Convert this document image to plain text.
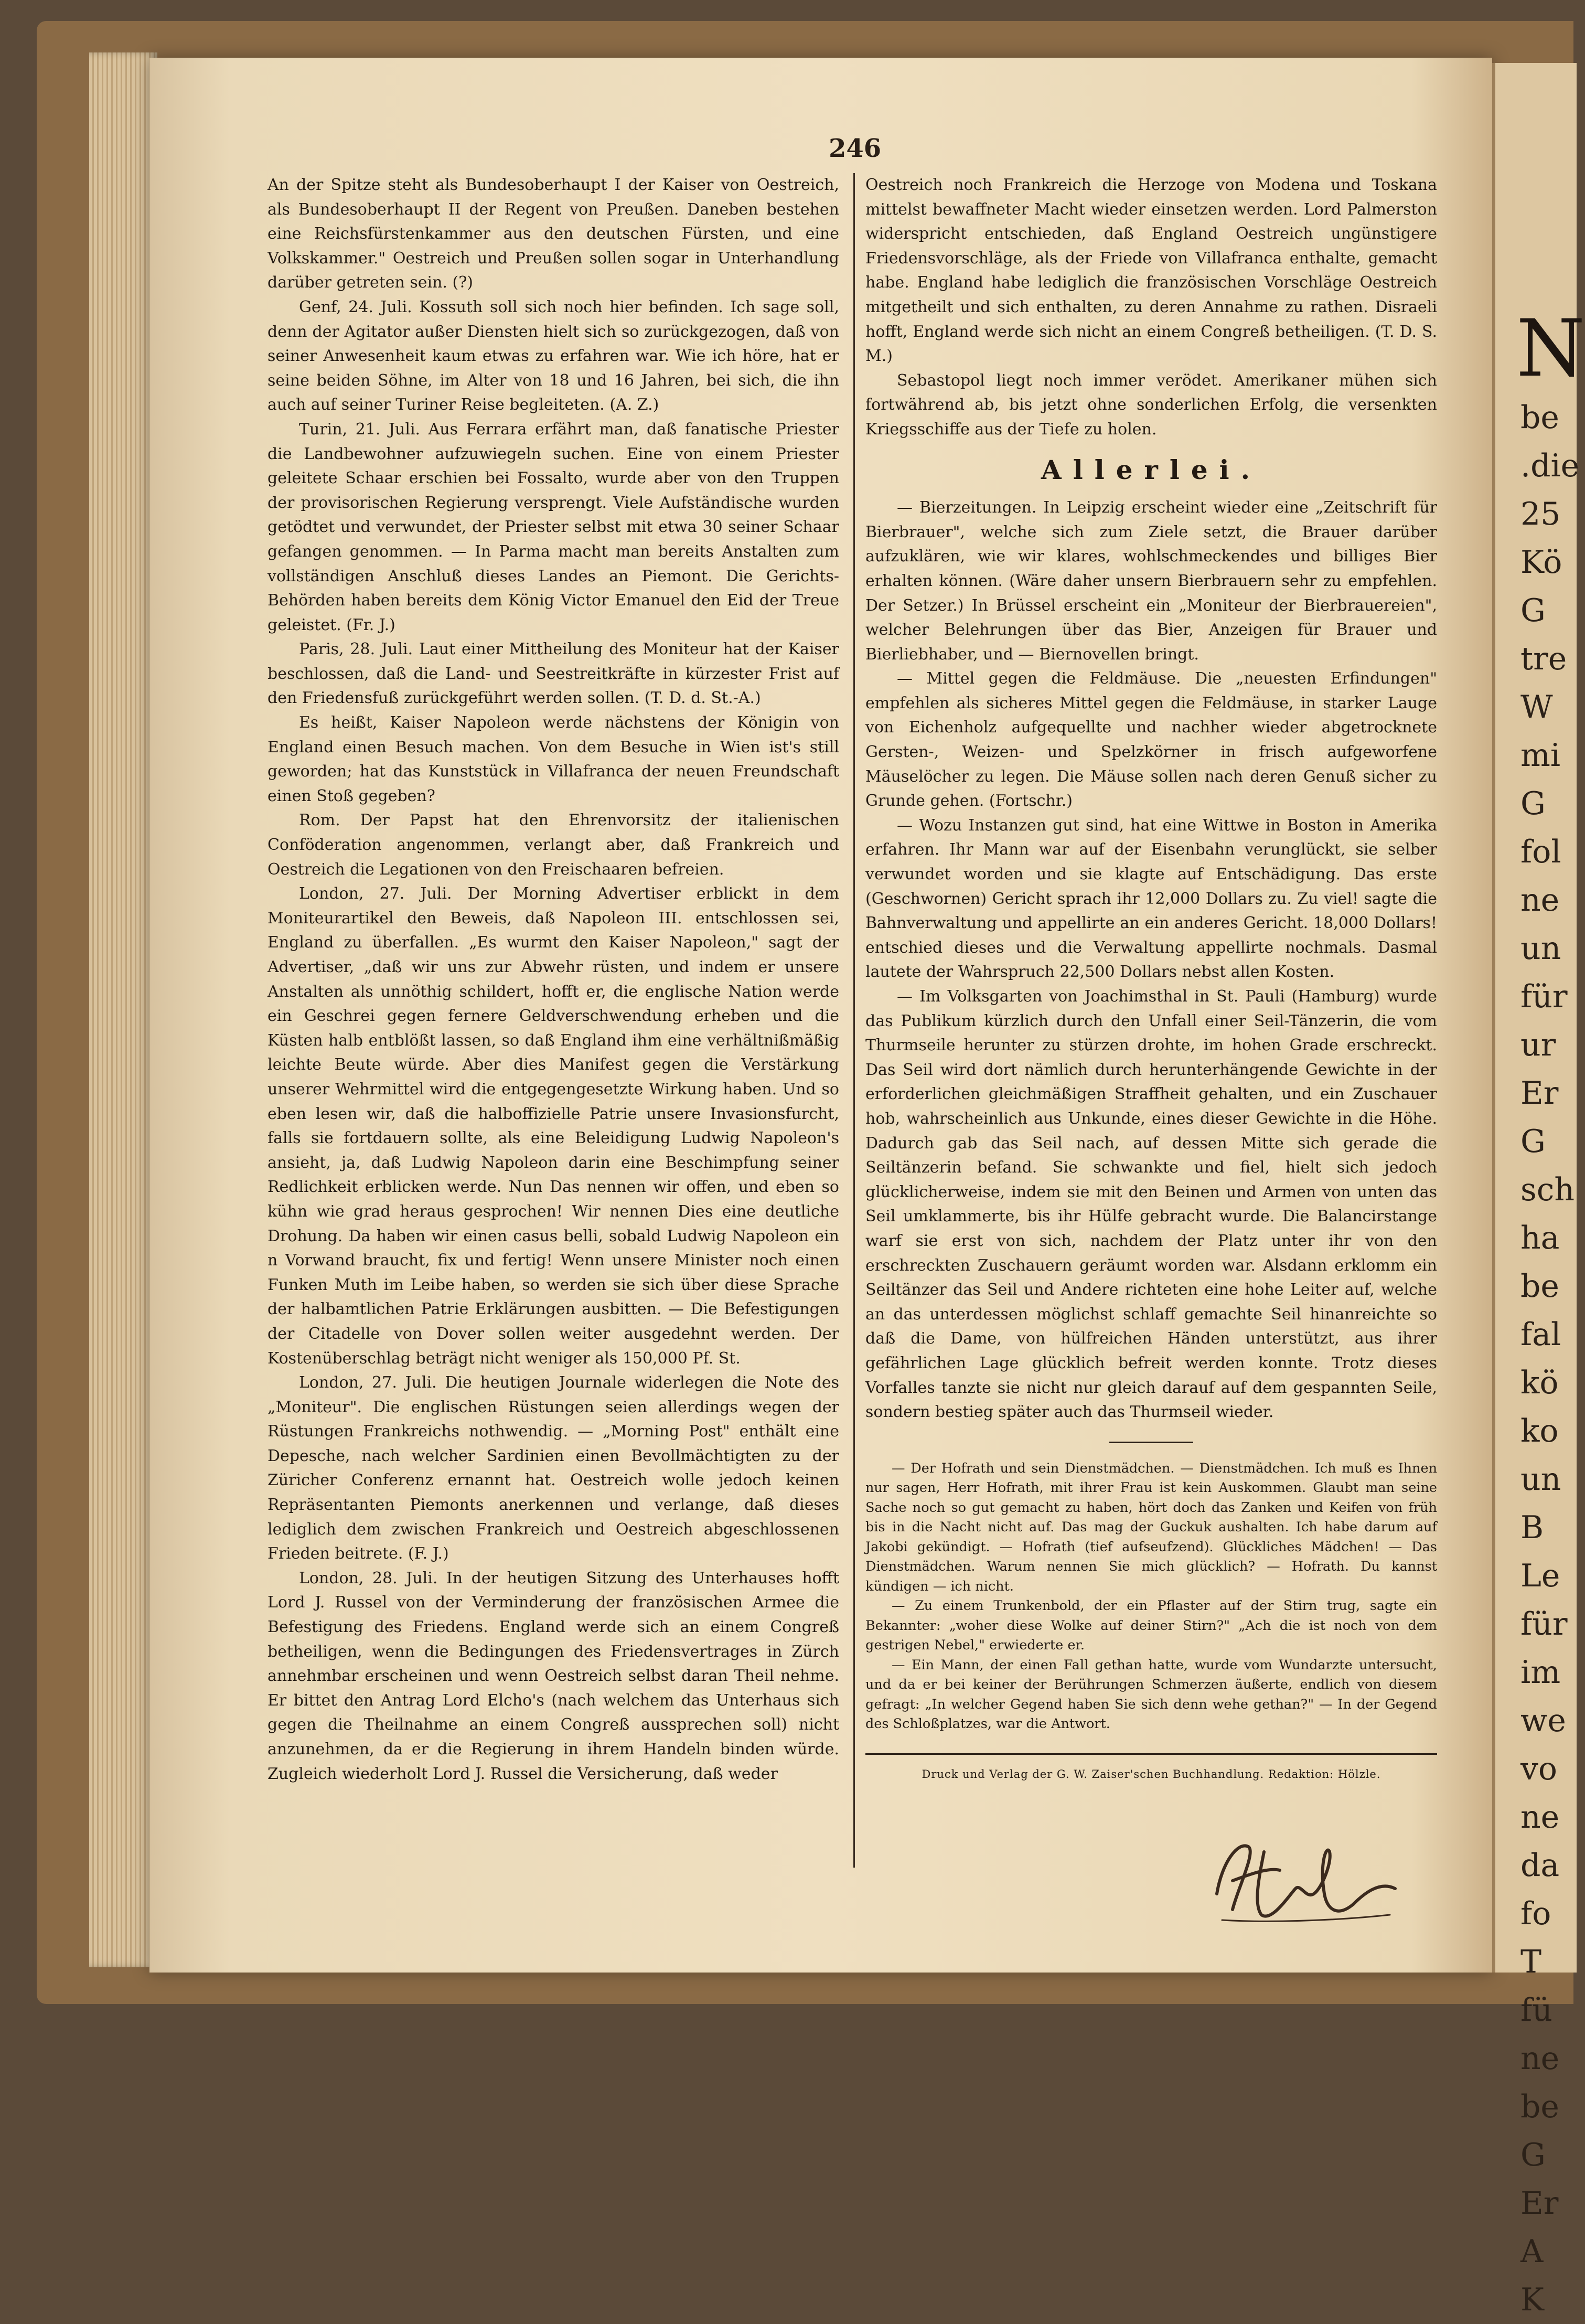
246

An der Spitze steht als Bundesoberhaupt I der Kaiser von Oestreich, als Bundesoberhaupt II der Regent von Preußen. Daneben bestehen eine Reichsfürstenkammer aus den deutschen Fürsten, und eine Volkskammer." Oestreich und Preußen sollen sogar in Unterhandlung darüber getreten sein. (?)

Genf, 24. Juli. Kossuth soll sich noch hier befinden. Ich sage soll, denn der Agitator außer Diensten hielt sich so zurückgezogen, daß von seiner Anwesenheit kaum etwas zu erfahren war. Wie ich höre, hat er seine beiden Söhne, im Alter von 18 und 16 Jahren, bei sich, die ihn auch auf seiner Turiner Reise begleiteten. (A. Z.)

Turin, 21. Juli. Aus Ferrara erfährt man, daß fanatische Priester die Landbewohner aufzuwiegeln suchen. Eine von einem Priester geleitete Schaar erschien bei Fossalto, wurde aber von den Truppen der provisorischen Regierung versprengt. Viele Aufständische wurden getödtet und verwundet, der Priester selbst mit etwa 30 seiner Schaar gefangen genommen. — In Parma macht man bereits Anstalten zum vollständigen Anschluß dieses Landes an Piemont. Die Gerichts-Behörden haben bereits dem König Victor Emanuel den Eid der Treue geleistet. (Fr. J.)

Paris, 28. Juli. Laut einer Mittheilung des Moniteur hat der Kaiser beschlossen, daß die Land- und Seestreitkräfte in kürzester Frist auf den Friedensfuß zurückgeführt werden sollen. (T. D. d. St.-A.)

Es heißt, Kaiser Napoleon werde nächstens der Königin von England einen Besuch machen. Von dem Besuche in Wien ist's still geworden; hat das Kunststück in Villafranca der neuen Freundschaft einen Stoß gegeben?

Rom. Der Papst hat den Ehrenvorsitz der italienischen Conföderation angenommen, verlangt aber, daß Frankreich und Oestreich die Legationen von den Freischaaren befreien.

London, 27. Juli. Der Morning Advertiser erblickt in dem Moniteurartikel den Beweis, daß Napoleon III. entschlossen sei, England zu überfallen. „Es wurmt den Kaiser Napoleon," sagt der Advertiser, „daß wir uns zur Abwehr rüsten, und indem er unsere Anstalten als unnöthig schildert, hofft er, die englische Nation werde ein Geschrei gegen fernere Geldverschwendung erheben und die Küsten halb entblößt lassen, so daß England ihm eine verhältnißmäßig leichte Beute würde. Aber dies Manifest gegen die Verstärkung unserer Wehrmittel wird die entgegengesetzte Wirkung haben. Und so eben lesen wir, daß die halboffizielle Patrie unsere Invasionsfurcht, falls sie fortdauern sollte, als eine Beleidigung Ludwig Napoleon's ansieht, ja, daß Ludwig Napoleon darin eine Beschimpfung seiner Redlichkeit erblicken werde. Nun Das nennen wir offen, und eben so kühn wie grad heraus gesprochen! Wir nennen Dies eine deutliche Drohung. Da haben wir einen casus belli, sobald Ludwig Napoleon ein n Vorwand braucht, fix und fertig! Wenn unsere Minister noch einen Funken Muth im Leibe haben, so werden sie sich über diese Sprache der halbamtlichen Patrie Erklärungen ausbitten. — Die Befestigungen der Citadelle von Dover sollen weiter ausgedehnt werden. Der Kostenüberschlag beträgt nicht weniger als 150,000 Pf. St.

London, 27. Juli. Die heutigen Journale widerlegen die Note des „Moniteur". Die englischen Rüstungen seien allerdings wegen der Rüstungen Frankreichs nothwendig. — „Morning Post" enthält eine Depesche, nach welcher Sardinien einen Bevollmächtigten zu der Züricher Conferenz ernannt hat. Oestreich wolle jedoch keinen Repräsentanten Piemonts anerkennen und verlange, daß dieses lediglich dem zwischen Frankreich und Oestreich abgeschlossenen Frieden beitrete. (F. J.)

London, 28. Juli. In der heutigen Sitzung des Unterhauses hofft Lord J. Russel von der Verminderung der französischen Armee die Befestigung des Friedens. England werde sich an einem Congreß betheiligen, wenn die Bedingungen des Friedensvertrages in Zürch annehmbar erscheinen und wenn Oestreich selbst daran Theil nehme. Er bittet den Antrag Lord Elcho's (nach welchem das Unterhaus sich gegen die Theilnahme an einem Congreß aussprechen soll) nicht anzunehmen, da er die Regierung in ihrem Handeln binden würde. Zugleich wiederholt Lord J. Russel die Versicherung, daß weder

Oestreich noch Frankreich die Herzoge von Modena und Toskana mittelst bewaffneter Macht wieder einsetzen werden. Lord Palmerston widerspricht entschieden, daß England Oestreich ungünstigere Friedensvorschläge, als der Friede von Villafranca enthalte, gemacht habe. England habe lediglich die französischen Vorschläge Oestreich mitgetheilt und sich enthalten, zu deren Annahme zu rathen. Disraeli hofft, England werde sich nicht an einem Congreß betheiligen. (T. D. S. M.)

Sebastopol liegt noch immer verödet. Amerikaner mühen sich fortwährend ab, bis jetzt ohne sonderlichen Erfolg, die versenkten Kriegsschiffe aus der Tiefe zu holen.

Allerlei.

— Bierzeitungen. In Leipzig erscheint wieder eine „Zeitschrift für Bierbrauer", welche sich zum Ziele setzt, die Brauer darüber aufzuklären, wie wir klares, wohlschmeckendes und billiges Bier erhalten können. (Wäre daher unsern Bierbrauern sehr zu empfehlen. Der Setzer.) In Brüssel erscheint ein „Moniteur der Bierbrauereien", welcher Belehrungen über das Bier, Anzeigen für Brauer und Bierliebhaber, und — Biernovellen bringt.

— Mittel gegen die Feldmäuse. Die „neuesten Erfindungen" empfehlen als sicheres Mittel gegen die Feldmäuse, in starker Lauge von Eichenholz aufgequellte und nachher wieder abgetrocknete Gersten-, Weizen- und Spelzkörner in frisch aufgeworfene Mäuselöcher zu legen. Die Mäuse sollen nach deren Genuß sicher zu Grunde gehen. (Fortschr.)

— Wozu Instanzen gut sind, hat eine Wittwe in Boston in Amerika erfahren. Ihr Mann war auf der Eisenbahn verunglückt, sie selber verwundet worden und sie klagte auf Entschädigung. Das erste (Geschwornen) Gericht sprach ihr 12,000 Dollars zu. Zu viel! sagte die Bahnverwaltung und appellirte an ein anderes Gericht. 18,000 Dollars! entschied dieses und die Verwaltung appellirte nochmals. Dasmal lautete der Wahrspruch 22,500 Dollars nebst allen Kosten.

— Im Volksgarten von Joachimsthal in St. Pauli (Hamburg) wurde das Publikum kürzlich durch den Unfall einer Seil-Tänzerin, die vom Thurmseile herunter zu stürzen drohte, im hohen Grade erschreckt. Das Seil wird dort nämlich durch herunterhängende Gewichte in der erforderlichen gleichmäßigen Straffheit gehalten, und ein Zuschauer hob, wahrscheinlich aus Unkunde, eines dieser Gewichte in die Höhe. Dadurch gab das Seil nach, auf dessen Mitte sich gerade die Seiltänzerin befand. Sie schwankte und fiel, hielt sich jedoch glücklicherweise, indem sie mit den Beinen und Armen von unten das Seil umklammerte, bis ihr Hülfe gebracht wurde. Die Balancirstange warf sie erst von sich, nachdem der Platz unter ihr von den erschreckten Zuschauern geräumt worden war. Alsdann erklomm ein Seiltänzer das Seil und Andere richteten eine hohe Leiter auf, welche an das unterdessen möglichst schlaff gemachte Seil hinanreichte so daß die Dame, von hülfreichen Händen unterstützt, aus ihrer gefährlichen Lage glücklich befreit werden konnte. Trotz dieses Vorfalles tanzte sie nicht nur gleich darauf auf dem gespannten Seile, sondern bestieg später auch das Thurmseil wieder.

— Der Hofrath und sein Dienstmädchen. — Dienstmädchen. Ich muß es Ihnen nur sagen, Herr Hofrath, mit ihrer Frau ist kein Auskommen. Glaubt man seine Sache noch so gut gemacht zu haben, hört doch das Zanken und Keifen von früh bis in die Nacht nicht auf. Das mag der Guckuk aushalten. Ich habe darum auf Jakobi gekündigt. — Hofrath (tief aufseufzend). Glückliches Mädchen! — Das Dienstmädchen. Warum nennen Sie mich glücklich? — Hofrath. Du kannst kündigen — ich nicht.

— Zu einem Trunkenbold, der ein Pflaster auf der Stirn trug, sagte ein Bekannter: „woher diese Wolke auf deiner Stirn?" „Ach die ist noch von dem gestrigen Nebel," erwiederte er.

— Ein Mann, der einen Fall gethan hatte, wurde vom Wundarzte untersucht, und da er bei keiner der Berührungen Schmerzen äußerte, endlich von diesem gefragt: „In welcher Gegend haben Sie sich denn wehe gethan?" — In der Gegend des Schloßplatzes, war die Antwort.

Druck und Verlag der G. W. Zaiser'schen Buchhandlung. Redaktion: Hölzle.
N
be
.die
25
Kö
G
tre
W
mi
G
fol
ne
un
für
ur
Er
G
sch
ha
be
fal
kö
ko
un
B
Le
für
im
we
vo
ne
da
fo
T
fü
ne
be
G
Er
A
K
